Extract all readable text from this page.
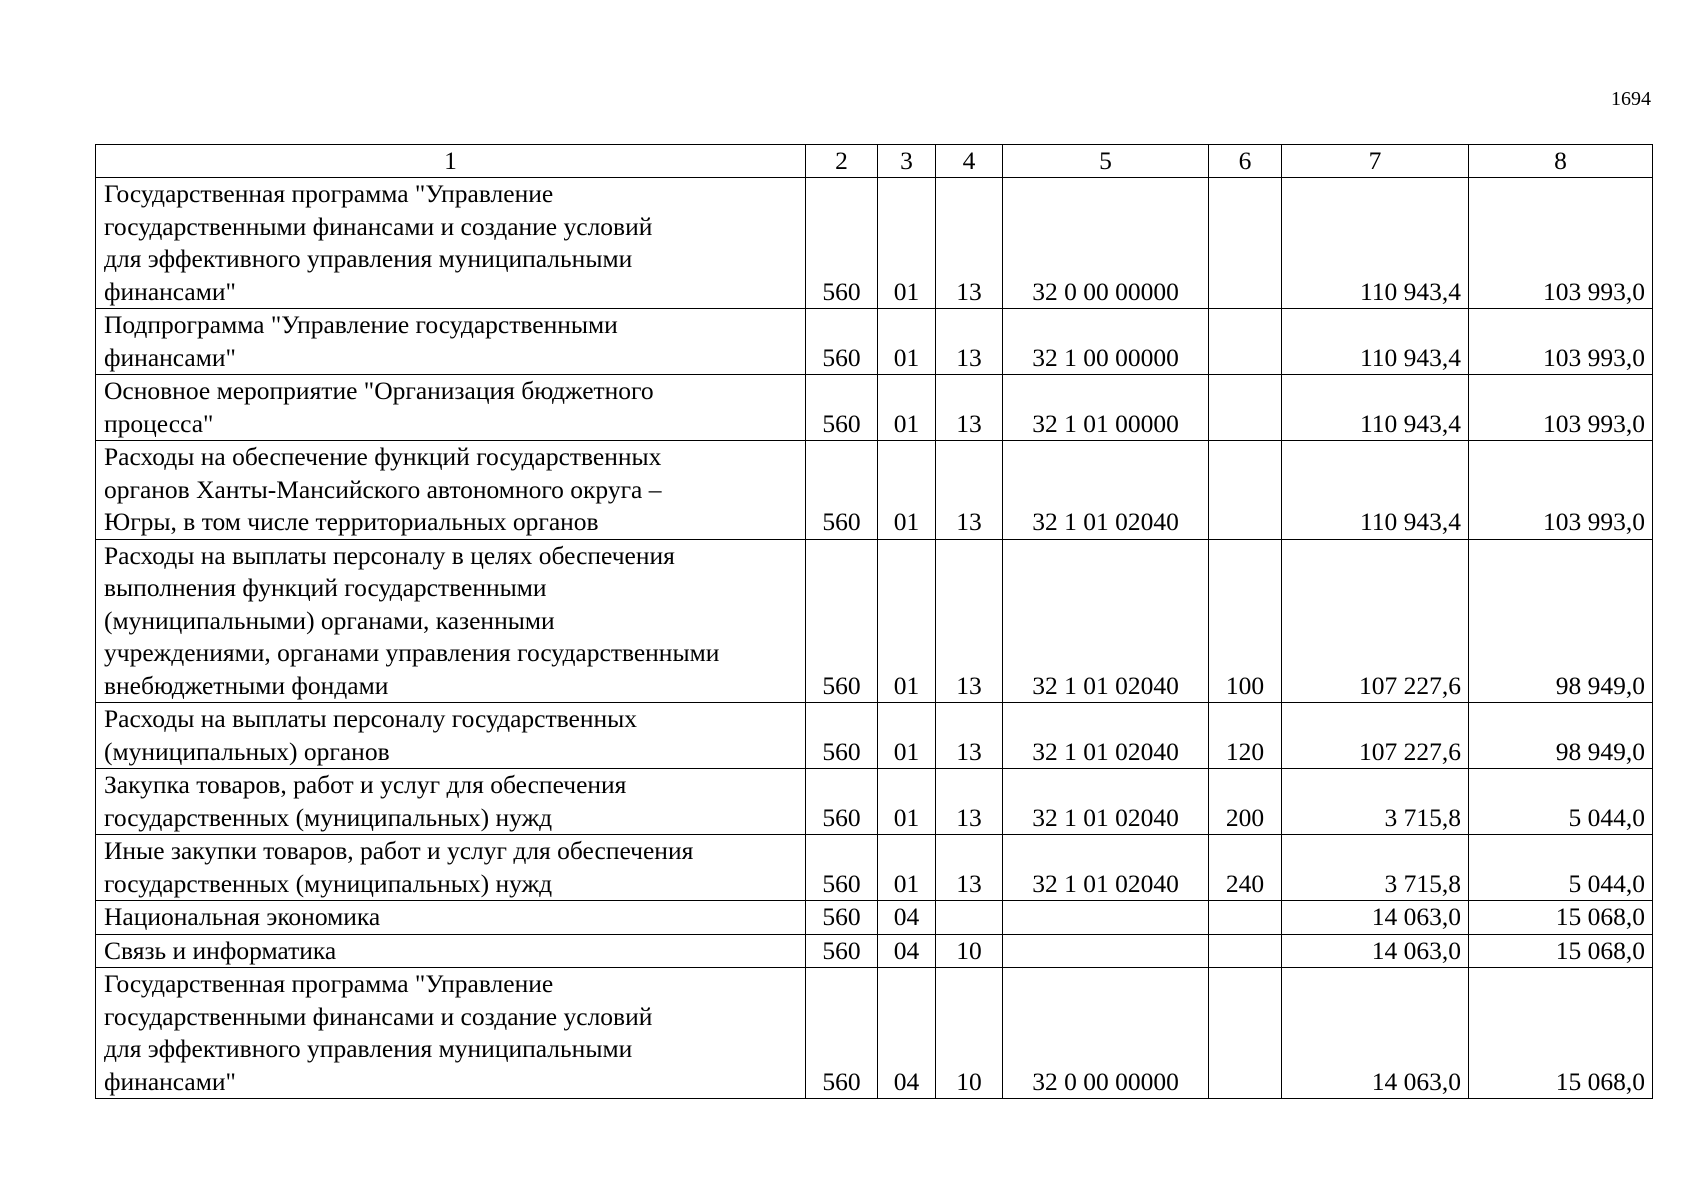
1694
1	2	3	4	5	6	7	8
Государственная программа "Управление
государственными финансами и создание условий
для эффективного управления муниципальными
финансами"	560	01	13	32 0 00 00000		110 943,4	103 993,0
Подпрограмма "Управление государственными
финансами"	560	01	13	32 1 00 00000		110 943,4	103 993,0
Основное мероприятие "Организация бюджетного
процесса"	560	01	13	32 1 01 00000		110 943,4	103 993,0
Расходы на обеспечение функций государственных
органов Ханты-Мансийского автономного округа –
Югры, в том числе территориальных органов	560	01	13	32 1 01 02040		110 943,4	103 993,0
Расходы на выплаты персоналу в целях обеспечения
выполнения функций государственными
(муниципальными) органами, казенными
учреждениями, органами управления государственными
внебюджетными фондами	560	01	13	32 1 01 02040	100	107 227,6	98 949,0
Расходы на выплаты персоналу государственных
(муниципальных) органов	560	01	13	32 1 01 02040	120	107 227,6	98 949,0
Закупка товаров, работ и услуг для обеспечения
государственных (муниципальных) нужд	560	01	13	32 1 01 02040	200	3 715,8	5 044,0
Иные закупки товаров, работ и услуг для обеспечения
государственных (муниципальных) нужд	560	01	13	32 1 01 02040	240	3 715,8	5 044,0
Национальная экономика	560	04				14 063,0	15 068,0
Связь и информатика	560	04	10			14 063,0	15 068,0
Государственная программа "Управление
государственными финансами и создание условий
для эффективного управления муниципальными
финансами"	560	04	10	32 0 00 00000		14 063,0	15 068,0
